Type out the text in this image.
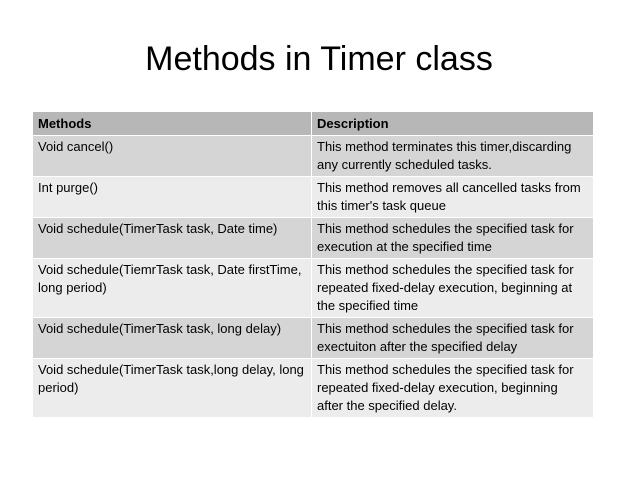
Methods in Timer class
Methods	Description
Void cancel()	This method terminates this timer,discarding any currently scheduled tasks.
Int purge()	This method removes all cancelled tasks from this timer's task queue
Void schedule(TimerTask task, Date time)	This method schedules the specified task for execution at the specified time
Void schedule(TiemrTask task, Date firstTime, long period)	This method schedules the specified task for repeated fixed-delay execution, beginning at the specified time
Void schedule(TimerTask task, long delay)	This method schedules the specified task for exectuiton after the specified delay
Void schedule(TimerTask task,long delay, long period)	This method schedules the specified task for repeated fixed-delay execution, beginning after the specified delay.
